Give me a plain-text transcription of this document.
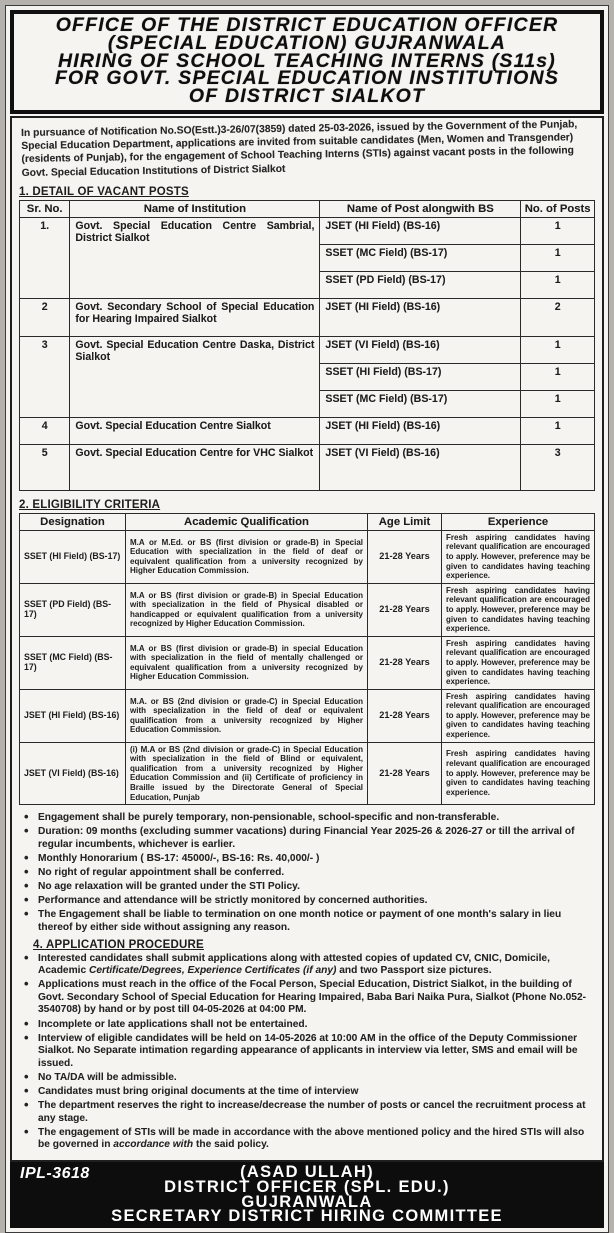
OFFICE OF THE DISTRICT EDUCATION OFFICER
(SPECIAL EDUCATION) GUJRANWALA
HIRING OF SCHOOL TEACHING INTERNS (S11s)
FOR GOVT. SPECIAL EDUCATION INSTITUTIONS
OF DISTRICT SIALKOT

In pursuance of Notification No.SO(Estt.)3-26/07(3859) dated 25-03-2026, issued by the Government of the Punjab, Special Education Department, applications are invited from suitable candidates (Men, Women and Transgender) (residents of Punjab), for the engagement of School Teaching Interns (STIs) against vacant posts in the following Govt. Special Education Institutions of District Sialkot

1. DETAIL OF VACANT POSTS
Sr. No.	Name of Institution	Name of Post alongwith BS	No. of Posts
1.	Govt. Special Education Centre Sambrial, District Sialkot	JSET (HI Field) (BS-16)	1
		SSET (MC Field) (BS-17)	1
		SSET (PD Field) (BS-17)	1
2	Govt. Secondary School of Special Education for Hearing Impaired Sialkot	JSET (HI Field) (BS-16)	2
3	Govt. Special Education Centre Daska, District Sialkot	JSET (VI Field) (BS-16)	1
		SSET (HI Field) (BS-17)	1
		SSET (MC Field) (BS-17)	1
4	Govt. Special Education Centre Sialkot	JSET (HI Field) (BS-16)	1
5	Govt. Special Education Centre for VHC Sialkot	JSET (VI Field) (BS-16)	3
2. ELIGIBILITY CRITERIA
Designation	Academic Qualification	Age Limit	Experience
SSET (HI Field) (BS-17)	M.A or M.Ed. or BS (first division or grade-B) in Special Education with specialization in the field of deaf or equivalent qualification from a university recognized by Higher Education Commission.	21-28 Years	Fresh aspiring candidates having relevant qualification are encouraged to apply. However, preference may be given to candidates having teaching experience.
SSET (PD Field) (BS-17)	M.A or BS (first division or grade-B) in Special Education with specialization in the field of Physical disabled or handicapped or equivalent qualification from a university recognized by Higher Education Commission.	21-28 Years	Fresh aspiring candidates having relevant qualification are encouraged to apply. However, preference may be given to candidates having teaching experience.
SSET (MC Field) (BS-17)	M.A or BS (first division or grade-B) in special Education with specialization in the field of mentally challenged or equivalent qualification from a university recognized by Higher Education Commission.	21-28 Years	Fresh aspiring candidates having relevant qualification are encouraged to apply. However, preference may be given to candidates having teaching experience.
JSET (HI Field) (BS-16)	M.A. or BS (2nd division or grade-C) in Special Education with specialization in the field of deaf or equivalent qualification from a university recognized by Higher Education Commission.	21-28 Years	Fresh aspiring candidates having relevant qualification are encouraged to apply. However, preference may be given to candidates having teaching experience.
JSET (VI Field) (BS-16)	(i) M.A or BS (2nd division or grade-C) in Special Education with specialization in the field of Blind or equivalent, qualification from a university recognized by Higher Education Commission and (ii) Certificate of proficiency in Braille issued by the Directorate General of Special Education, Punjab	21-28 Years	Fresh aspiring candidates having relevant qualification are encouraged to apply. However, preference may be given to candidates having teaching experience.
• Engagement shall be purely temporary, non-pensionable, school-specific and non-transferable.
• Duration: 09 months (excluding summer vacations) during Financial Year 2025-26 & 2026-27 or till the arrival of regular incumbents, whichever is earlier.
• Monthly Honorarium ( BS-17: 45000/-, BS-16: Rs. 40,000/- )
• No right of regular appointment shall be conferred.
• No age relaxation will be granted under the STI Policy.
• Performance and attendance will be strictly monitored by concerned authorities.
• The Engagement shall be liable to termination on one month notice or payment of one month's salary in lieu thereof by either side without assigning any reason.
4. APPLICATION PROCEDURE
• Interested candidates shall submit applications along with attested copies of updated CV, CNIC, Domicile, Academic Certificate/Degrees, Experience Certificates (if any) and two Passport size pictures.
• Applications must reach in the office of the Focal Person, Special Education, District Sialkot, in the building of Govt. Secondary School of Special Education for Hearing Impaired, Baba Bari Naika Pura, Sialkot (Phone No.052-3540708) by hand or by post till 04-05-2026 at 04:00 PM.
• Incomplete or late applications shall not be entertained.
• Interview of eligible candidates will be held on 14-05-2026 at 10:00 AM in the office of the Deputy Commissioner Sialkot. No Separate intimation regarding appearance of applicants in interview via letter, SMS and email will be issued.
• No TA/DA will be admissible.
• Candidates must bring original documents at the time of interview
• The department reserves the right to increase/decrease the number of posts or cancel the recruitment process at any stage.
• The engagement of STIs will be made in accordance with the above mentioned policy and the hired STIs will also be governed in accordance with the said policy.
IPL-3618	(ASAD ULLAH)
DISTRICT OFFICER (SPL. EDU.)
GUJRANWALA
SECRETARY DISTRICT HIRING COMMITTEE
